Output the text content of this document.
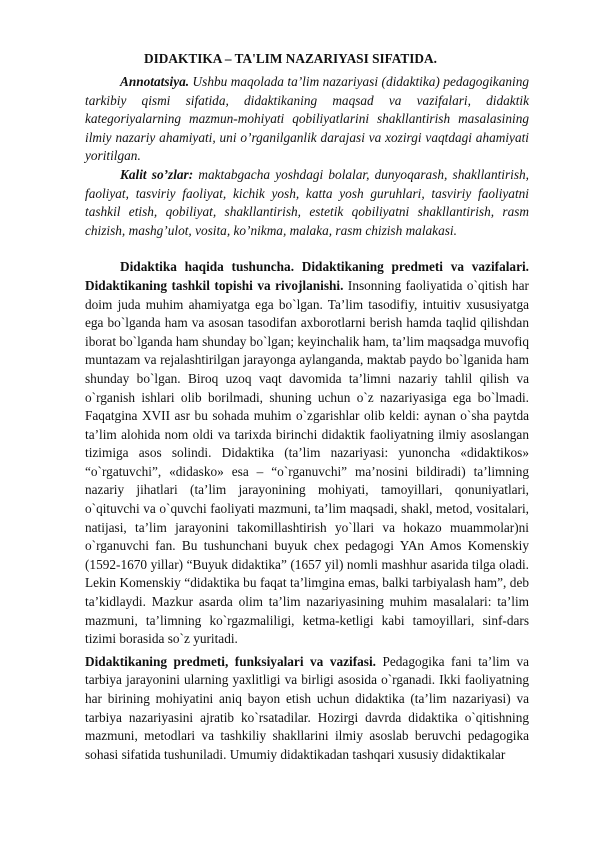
DIDAKTIKA – TA'LIM NAZARIYASI SIFATIDA.

Annotatsiya. Ushbu maqolada ta’lim nazariyasi (didaktika) pedagogikaning tarkibiy qismi sifatida, didaktikaning maqsad va vazifalari, didaktik kategoriyalarning mazmun-mohiyati qobiliyatlarini shakllantirish masalasining ilmiy nazariy ahamiyati, uni o’rganilganlik darajasi va xozirgi vaqtdagi ahamiyati yoritilgan.

Kalit so’zlar: maktabgacha yoshdagi bolalar, dunyoqarash, shakllantirish, faoliyat, tasviriy faoliyat, kichik yosh, katta yosh guruhlari, tasviriy faoliyatni tashkil etish, qobiliyat, shakllantirish, estetik qobiliyatni shakllantirish, rasm chizish, mashg’ulot, vosita, ko’nikma, malaka, rasm chizish malakasi.

Didaktika haqida tushuncha. Didaktikaning predmeti va vazifalari. Didaktikaning tashkil topishi va rivojlanishi. Insonning faoliyatida o`qitish har doim juda muhim ahamiyatga ega bo`lgan. Ta’lim tasodifiy, intuitiv xususiyatga ega bo`lganda ham va asosan tasodifan axborotlarni berish hamda taqlid qilishdan iborat bo`lganda ham shunday bo`lgan; keyinchalik ham, ta’lim maqsadga muvofiq muntazam va rejalashtirilgan jarayonga aylanganda, maktab paydo bo`lganida ham shunday bo`lgan. Biroq uzoq vaqt davomida ta’limni nazariy tahlil qilish va o`rganish ishlari olib borilmadi, shuning uchun o`z nazariyasiga ega bo`lmadi. Faqatgina XVII asr bu sohada muhim o`zgarishlar olib keldi: aynan o`sha paytda ta’lim alohida nom oldi va tarixda birinchi didaktik faoliyatning ilmiy asoslangan tizimiga asos solindi. Didaktika (ta’lim nazariyasi: yunoncha «didaktikos» “o`rgatuvchi”, «didasko» esa – “o`rganuvchi” ma’nosini bildiradi) ta’limning nazariy jihatlari (ta’lim jarayonining mohiyati, tamoyillari, qonuniyatlari, o`qituvchi va o`quvchi faoliyati mazmuni, ta’lim maqsadi, shakl, metod, vositalari, natijasi, ta’lim jarayonini takomillashtirish yo`llari va hokazo muammolar)ni o`rganuvchi fan. Bu tushunchani buyuk chex pedagogi YAn Amos Komenskiy (1592-1670 yillar) “Buyuk didaktika” (1657 yil) nomli mashhur asarida tilga oladi. Lekin Komenskiy “didaktika bu faqat ta’limgina emas, balki tarbiyalash ham”, deb ta’kidlaydi. Mazkur asarda olim ta’lim nazariyasining muhim masalalari: ta’lim mazmuni, ta’limning ko`rgazmaliligi, ketma-ketligi kabi tamoyillari, sinf-dars tizimi borasida so`z yuritadi.

Didaktikaning predmeti, funksiyalari va vazifasi. Pedagogika fani ta’lim va tarbiya jarayonini ularning yaxlitligi va birligi asosida o`rganadi. Ikki faoliyatning har birining mohiyatini aniq bayon etish uchun didaktika (ta’lim nazariyasi) va tarbiya nazariyasini ajratib ko`rsatadilar. Hozirgi davrda didaktika o`qitishning mazmuni, metodlari va tashkiliy shakllarini ilmiy asoslab beruvchi pedagogika sohasi sifatida tushuniladi. Umumiy didaktikadan tashqari xususiy didaktikalar
